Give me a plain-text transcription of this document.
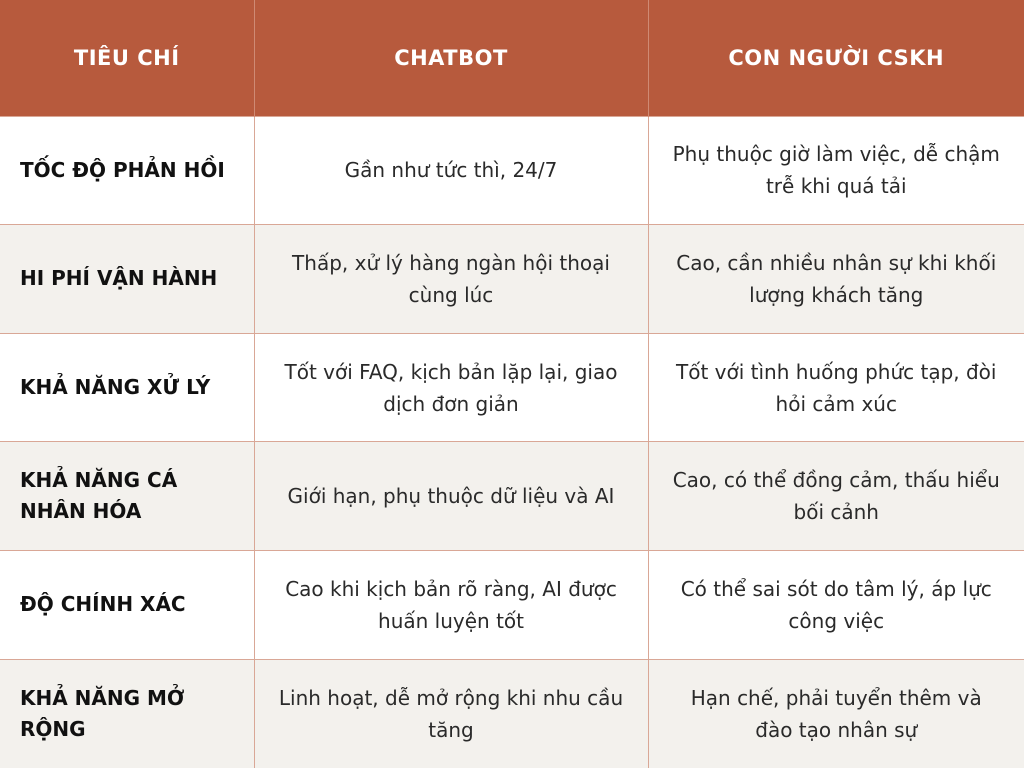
TIÊU CHÍ	CHATBOT	CON NGƯỜI CSKH
TỐC ĐỘ PHẢN HỒI	Gần như tức thì, 24/7	Phụ thuộc giờ làm việc, dễ chậm trễ khi quá tải
HI PHÍ VẬN HÀNH	Thấp, xử lý hàng ngàn hội thoại cùng lúc	Cao, cần nhiều nhân sự khi khối lượng khách tăng
KHẢ NĂNG XỬ LÝ	Tốt với FAQ, kịch bản lặp lại, giao dịch đơn giản	Tốt với tình huống phức tạp, đòi hỏi cảm xúc
KHẢ NĂNG CÁ NHÂN HÓA	Giới hạn, phụ thuộc dữ liệu và AI	Cao, có thể đồng cảm, thấu hiểu bối cảnh
ĐỘ CHÍNH XÁC	Cao khi kịch bản rõ ràng, AI được huấn luyện tốt	Có thể sai sót do tâm lý, áp lực công việc
KHẢ NĂNG MỞ RỘNG	Linh hoạt, dễ mở rộng khi nhu cầu tăng	Hạn chế, phải tuyển thêm và đào tạo nhân sự
